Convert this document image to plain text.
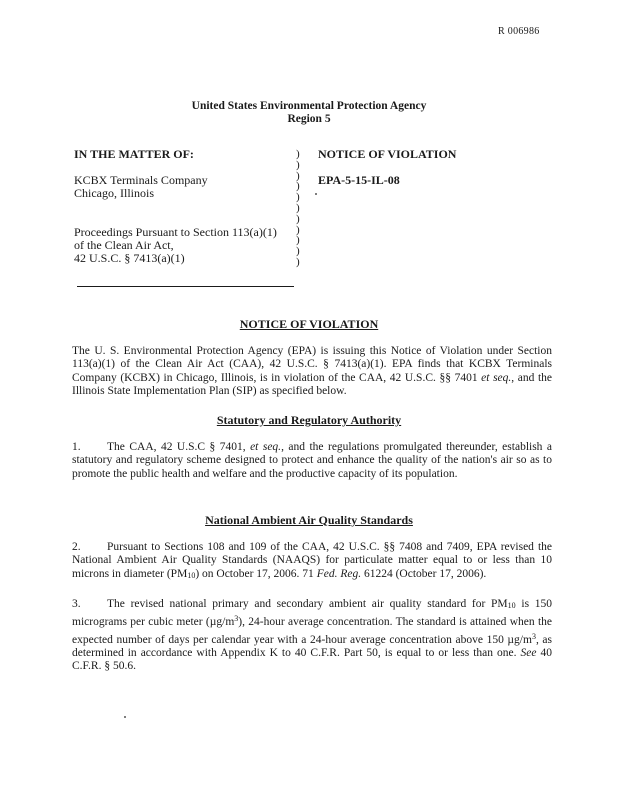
R 006986
United States Environmental Protection Agency
Region 5
IN THE MATTER OF:
KCBX Terminals Company
Chicago, Illinois
Proceedings Pursuant to Section 113(a)(1)
of the Clean Air Act,
42 U.S.C. § 7413(a)(1)
)
)
)
)
)
)
)
)
)
)
)
NOTICE OF VIOLATION
EPA-5-15-IL-08
NOTICE OF VIOLATION
The U. S. Environmental Protection Agency (EPA) is issuing this Notice of Violation under Section 113(a)(1) of the Clean Air Act (CAA), 42 U.S.C. § 7413(a)(1). EPA finds that KCBX Terminals Company (KCBX) in Chicago, Illinois, is in violation of the CAA, 42 U.S.C. §§ 7401 et seq., and the Illinois State Implementation Plan (SIP) as specified below.
Statutory and Regulatory Authority
1. The CAA, 42 U.S.C § 7401, et seq., and the regulations promulgated thereunder, establish a statutory and regulatory scheme designed to protect and enhance the quality of the nation's air so as to promote the public health and welfare and the productive capacity of its population.
National Ambient Air Quality Standards
2. Pursuant to Sections 108 and 109 of the CAA, 42 U.S.C. §§ 7408 and 7409, EPA revised the National Ambient Air Quality Standards (NAAQS) for particulate matter equal to or less than 10 microns in diameter (PM10) on October 17, 2006. 71 Fed. Reg. 61224 (October 17, 2006).
3. The revised national primary and secondary ambient air quality standard for PM10 is 150 micrograms per cubic meter $(\mu g/m^3)$, 24-hour average concentration. The standard is attained when the expected number of days per calendar year with a 24-hour average concentration above 150 $\mu g/m^3$, as determined in accordance with Appendix K to 40 C.F.R. Part 50, is equal to or less than one. See 40 C.F.R. § 50.6.
